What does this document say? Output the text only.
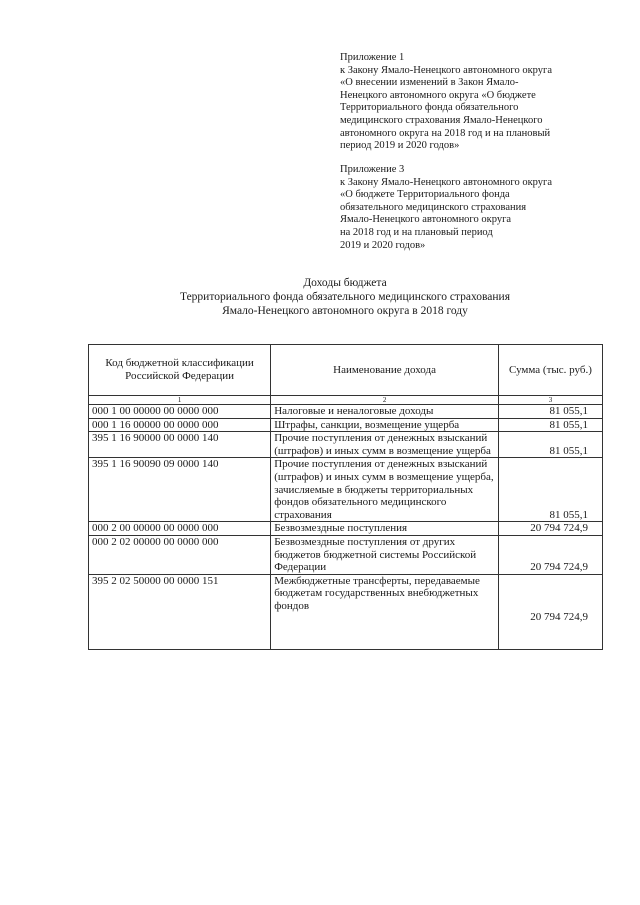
Приложение 1
к Закону Ямало-Ненецкого автономного округа
«О внесении изменений в Закон Ямало-
Ненецкого автономного округа «О бюджете
Территориального фонда обязательного
медицинского страхования Ямало-Ненецкого
автономного округа на 2018 год и на плановый
период 2019 и 2020 годов»
Приложение 3
к Закону Ямало-Ненецкого автономного округа
«О бюджете Территориального фонда
обязательного медицинского страхования
Ямало-Ненецкого автономного округа
на 2018 год и на плановый период
2019 и 2020 годов»
Доходы бюджета
Территориального фонда обязательного медицинского страхования
Ямало-Ненецкого автономного округа в 2018 году
Код бюджетной классификации Российской Федерации	Наименование дохода	Сумма (тыс. руб.)
1	2	3
000 1 00 00000 00 0000 000	Налоговые и неналоговые доходы	81 055,1
000 1 16 00000 00 0000 000	Штрафы, санкции, возмещение ущерба	81 055,1
395 1 16 90000 00 0000 140	Прочие поступления от денежных взысканий (штрафов) и иных сумм в возмещение ущерба	81 055,1
395 1 16 90090 09 0000 140	Прочие поступления от денежных взысканий (штрафов) и иных сумм в возмещение ущерба, зачисляемые в бюджеты территориальных фондов обязательного медицинского страхования	81 055,1
000 2 00 00000 00 0000 000	Безвозмездные поступления	20 794 724,9
000 2 02 00000 00 0000 000	Безвозмездные поступления от других бюджетов бюджетной системы Российской Федерации	20 794 724,9
395 2 02 50000 00 0000 151	Межбюджетные трансферты, передаваемые бюджетам государственных внебюджетных фондов	20 794 724,9
